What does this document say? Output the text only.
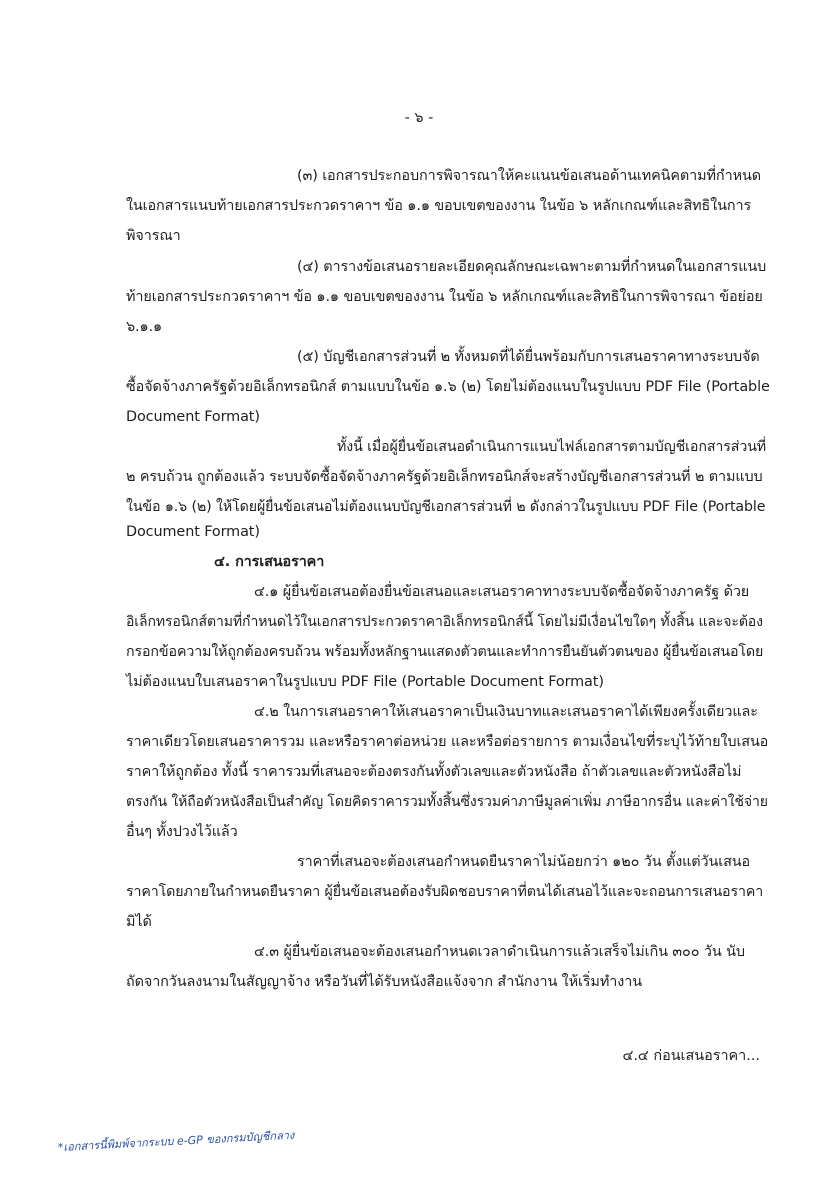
- ๖ -
(๓) เอกสารประกอบการพิจารณาให้คะแนนข้อเสนอด้านเทคนิคตามที่กำหนด
ในเอกสารแนบท้ายเอกสารประกวดราคาฯ ข้อ ๑.๑ ขอบเขตของงาน ในข้อ ๖ หลักเกณฑ์และสิทธิในการ
พิจารณา
(๔) ตารางข้อเสนอรายละเอียดคุณลักษณะเฉพาะตามที่กำหนดในเอกสารแนบ
ท้ายเอกสารประกวดราคาฯ ข้อ ๑.๑ ขอบเขตของงาน ในข้อ ๖ หลักเกณฑ์และสิทธิในการพิจารณา ข้อย่อย
๖.๑.๑
(๕) บัญชีเอกสารส่วนที่ ๒ ทั้งหมดที่ได้ยื่นพร้อมกับการเสนอราคาทางระบบจัด
ซื้อจัดจ้างภาครัฐด้วยอิเล็กทรอนิกส์ ตามแบบในข้อ ๑.๖ (๒) โดยไม่ต้องแนบในรูปแบบ PDF File (Portable
Document Format)
ทั้งนี้ เมื่อผู้ยื่นข้อเสนอดำเนินการแนบไฟล์เอกสารตามบัญชีเอกสารส่วนที่
๒ ครบถ้วน ถูกต้องแล้ว ระบบจัดซื้อจัดจ้างภาครัฐด้วยอิเล็กทรอนิกส์จะสร้างบัญชีเอกสารส่วนที่ ๒ ตามแบบ
ในข้อ ๑.๖ (๒) ให้โดยผู้ยื่นข้อเสนอไม่ต้องแนบบัญชีเอกสารส่วนที่ ๒ ดังกล่าวในรูปแบบ PDF File (Portable
Document Format)
๔. การเสนอราคา
๔.๑ ผู้ยื่นข้อเสนอต้องยื่นข้อเสนอและเสนอราคาทางระบบจัดซื้อจัดจ้างภาครัฐ ด้วย
อิเล็กทรอนิกส์ตามที่กำหนดไว้ในเอกสารประกวดราคาอิเล็กทรอนิกส์นี้ โดยไม่มีเงื่อนไขใดๆ ทั้งสิ้น และจะต้อง
กรอกข้อความให้ถูกต้องครบถ้วน พร้อมทั้งหลักฐานแสดงตัวตนและทำการยืนยันตัวตนของ ผู้ยื่นข้อเสนอโดย
ไม่ต้องแนบใบเสนอราคาในรูปแบบ PDF File (Portable Document Format)
๔.๒ ในการเสนอราคาให้เสนอราคาเป็นเงินบาทและเสนอราคาได้เพียงครั้งเดียวและ
ราคาเดียวโดยเสนอราคารวม และหรือราคาต่อหน่วย และหรือต่อรายการ ตามเงื่อนไขที่ระบุไว้ท้ายใบเสนอ
ราคาให้ถูกต้อง ทั้งนี้ ราคารวมที่เสนอจะต้องตรงกันทั้งตัวเลขและตัวหนังสือ ถ้าตัวเลขและตัวหนังสือไม่
ตรงกัน ให้ถือตัวหนังสือเป็นสำคัญ โดยคิดราคารวมทั้งสิ้นซึ่งรวมค่าภาษีมูลค่าเพิ่ม ภาษีอากรอื่น และค่าใช้จ่าย
อื่นๆ ทั้งปวงไว้แล้ว
ราคาที่เสนอจะต้องเสนอกำหนดยืนราคาไม่น้อยกว่า ๑๒๐ วัน ตั้งแต่วันเสนอ
ราคาโดยภายในกำหนดยืนราคา ผู้ยื่นข้อเสนอต้องรับผิดชอบราคาที่ตนได้เสนอไว้และจะถอนการเสนอราคา
มิได้
๔.๓ ผู้ยื่นข้อเสนอจะต้องเสนอกำหนดเวลาดำเนินการแล้วเสร็จไม่เกิน ๓๐๐ วัน นับ
ถัดจากวันลงนามในสัญญาจ้าง หรือวันที่ได้รับหนังสือแจ้งจาก สำนักงาน ให้เริ่มทำงาน
๔.๔ ก่อนเสนอราคา...
*เอกสารนี้พิมพ์จากระบบ e-GP ของกรมบัญชีกลาง
